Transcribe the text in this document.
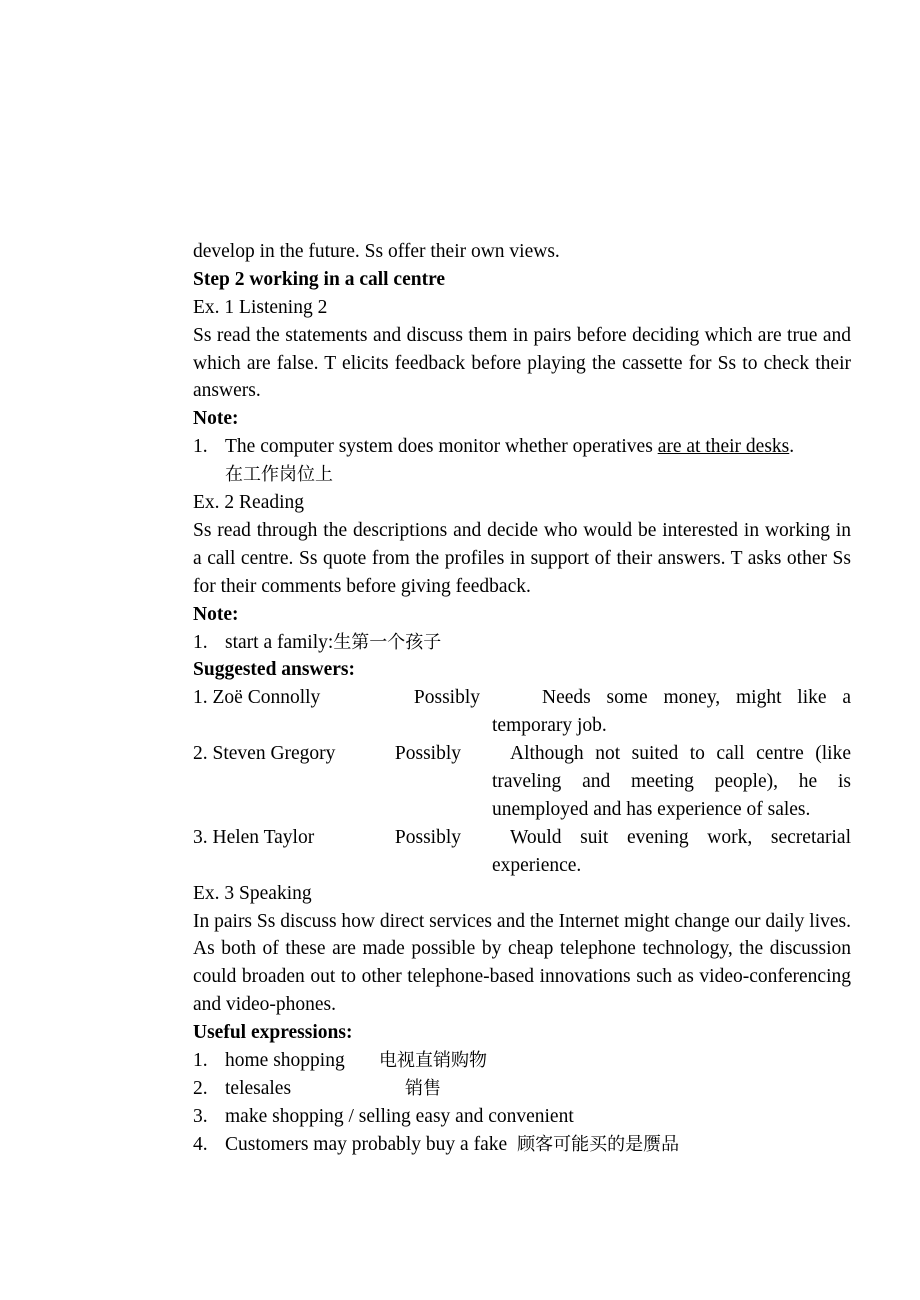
develop in the future. Ss offer their own views.
Step 2 working in a call centre
Ex. 1 Listening 2
Ss read the statements and discuss them in pairs before deciding which are true and which are false. T elicits feedback before playing the cassette for Ss to check their answers.
Note:
1. The computer system does monitor whether operatives are at their desks.
在工作岗位上
Ex. 2 Reading
Ss read through the descriptions and decide who would be interested in working in a call centre. Ss quote from the profiles in support of their answers. T asks other Ss for their comments before giving feedback.
Note:
1. start a family:生第一个孩子
Suggested answers:
1. Zoë Connolly	Possibly	Needs some money, might like a temporary job.
2. Steven Gregory	Possibly	Although not suited to call centre (like traveling and meeting people), he is unemployed and has experience of sales.
3. Helen Taylor	Possibly	Would suit evening work, secretarial experience.
Ex. 3 Speaking
In pairs Ss discuss how direct services and the Internet might change our daily lives. As both of these are made possible by cheap telephone technology, the discussion could broaden out to other telephone-based innovations such as video-conferencing and video-phones.
Useful expressions:
1. home shopping 电视直销购物
2. telesales	销售
3. make shopping / selling easy and convenient
4. Customers may probably buy a fake 顾客可能买的是赝品
